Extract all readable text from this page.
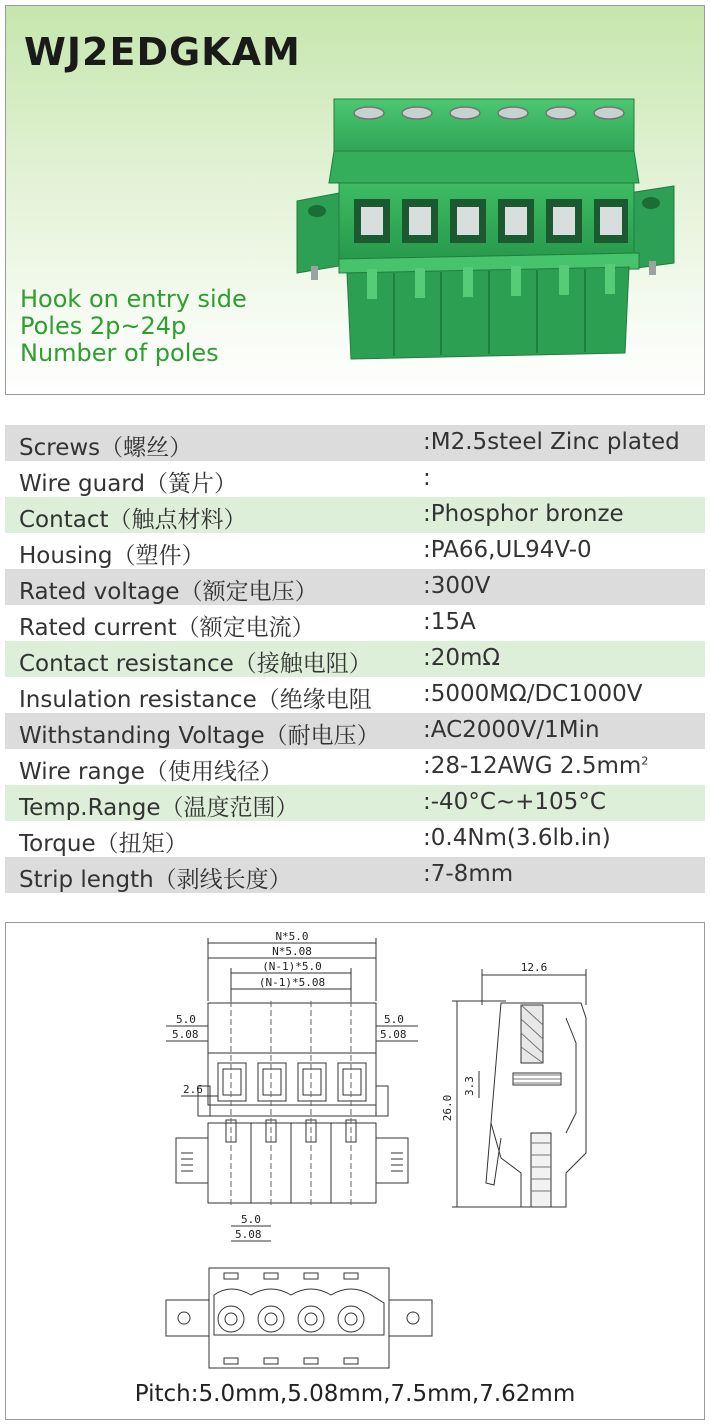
WJ2EDGKAM
Hook on entry side
Poles 2p~24p
Number of poles
Screws（螺丝）	:M2.5steel Zinc plated
Wire guard（簧片）	:
Contact（触点材料）	:Phosphor bronze
Housing（塑件）	:PA66,UL94V-0
Rated voltage（额定电压）	:300V
Rated current（额定电流）	:15A
Contact resistance（接触电阻） :20mΩ
Insulation resistance（绝缘电阻 :5000MΩ/DC1000V
Withstanding Voltage（耐电压） :AC2000V/1Min
Wire range（使用线径）	:28-12AWG $2.5mm^2$
Temp.Range（温度范围）	:-40°C~+105°C
Torque（扭矩）	:0.4Nm(3.6lb.in)
Strip length（剥线长度）	:7-8mm
N*5.0
N*5.08
(N-1)*5.0
(N-1)*5.08
5.0
5.08
5.0
5.08
2.6
5.0
5.08
12.6
26.0
3.3
Pitch:5.0mm,5.08mm,7.5mm,7.62mm
